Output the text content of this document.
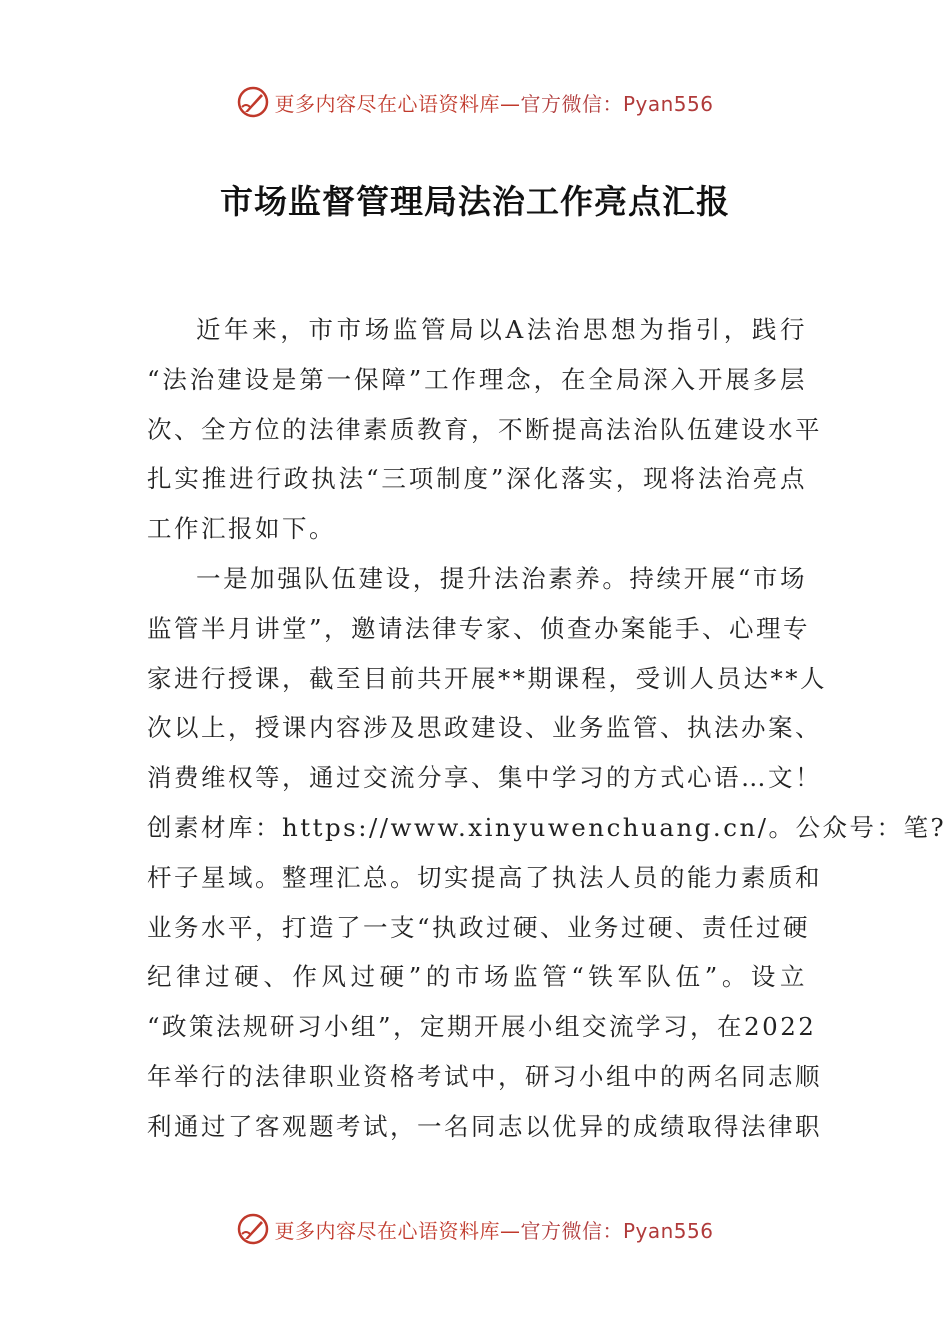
更多内容尽在心语资料库—官方微信：Pyan556
市场监督管理局法治工作亮点汇报
近年来，市市场监管局以A法治思想为指引，践行
“法治建设是第一保障”工作理念，在全局深入开展多层
次、全方位的法律素质教育，不断提高法治队伍建设水平
扎实推进行政执法“三项制度”深化落实，现将法治亮点
工作汇报如下。
一是加强队伍建设，提升法治素养。持续开展“市场
监管半月讲堂”，邀请法律专家、侦查办案能手、心理专
家进行授课，截至目前共开展**期课程，受训人员达**人
次以上，授课内容涉及思政建设、业务监管、执法办案、
消费维权等，通过交流分享、集中学习的方式心语…文！
创素材库：https://www.xinyuwenchuang.cn/。公众号：笔?
杆子星域。整理汇总。切实提高了执法人员的能力素质和
业务水平，打造了一支“执政过硬、业务过硬、责任过硬
纪律过硬、作风过硬”的市场监管“铁军队伍”。设立
“政策法规研习小组”，定期开展小组交流学习，在2022
年举行的法律职业资格考试中，研习小组中的两名同志顺
利通过了客观题考试，一名同志以优异的成绩取得法律职
更多内容尽在心语资料库—官方微信：Pyan556
